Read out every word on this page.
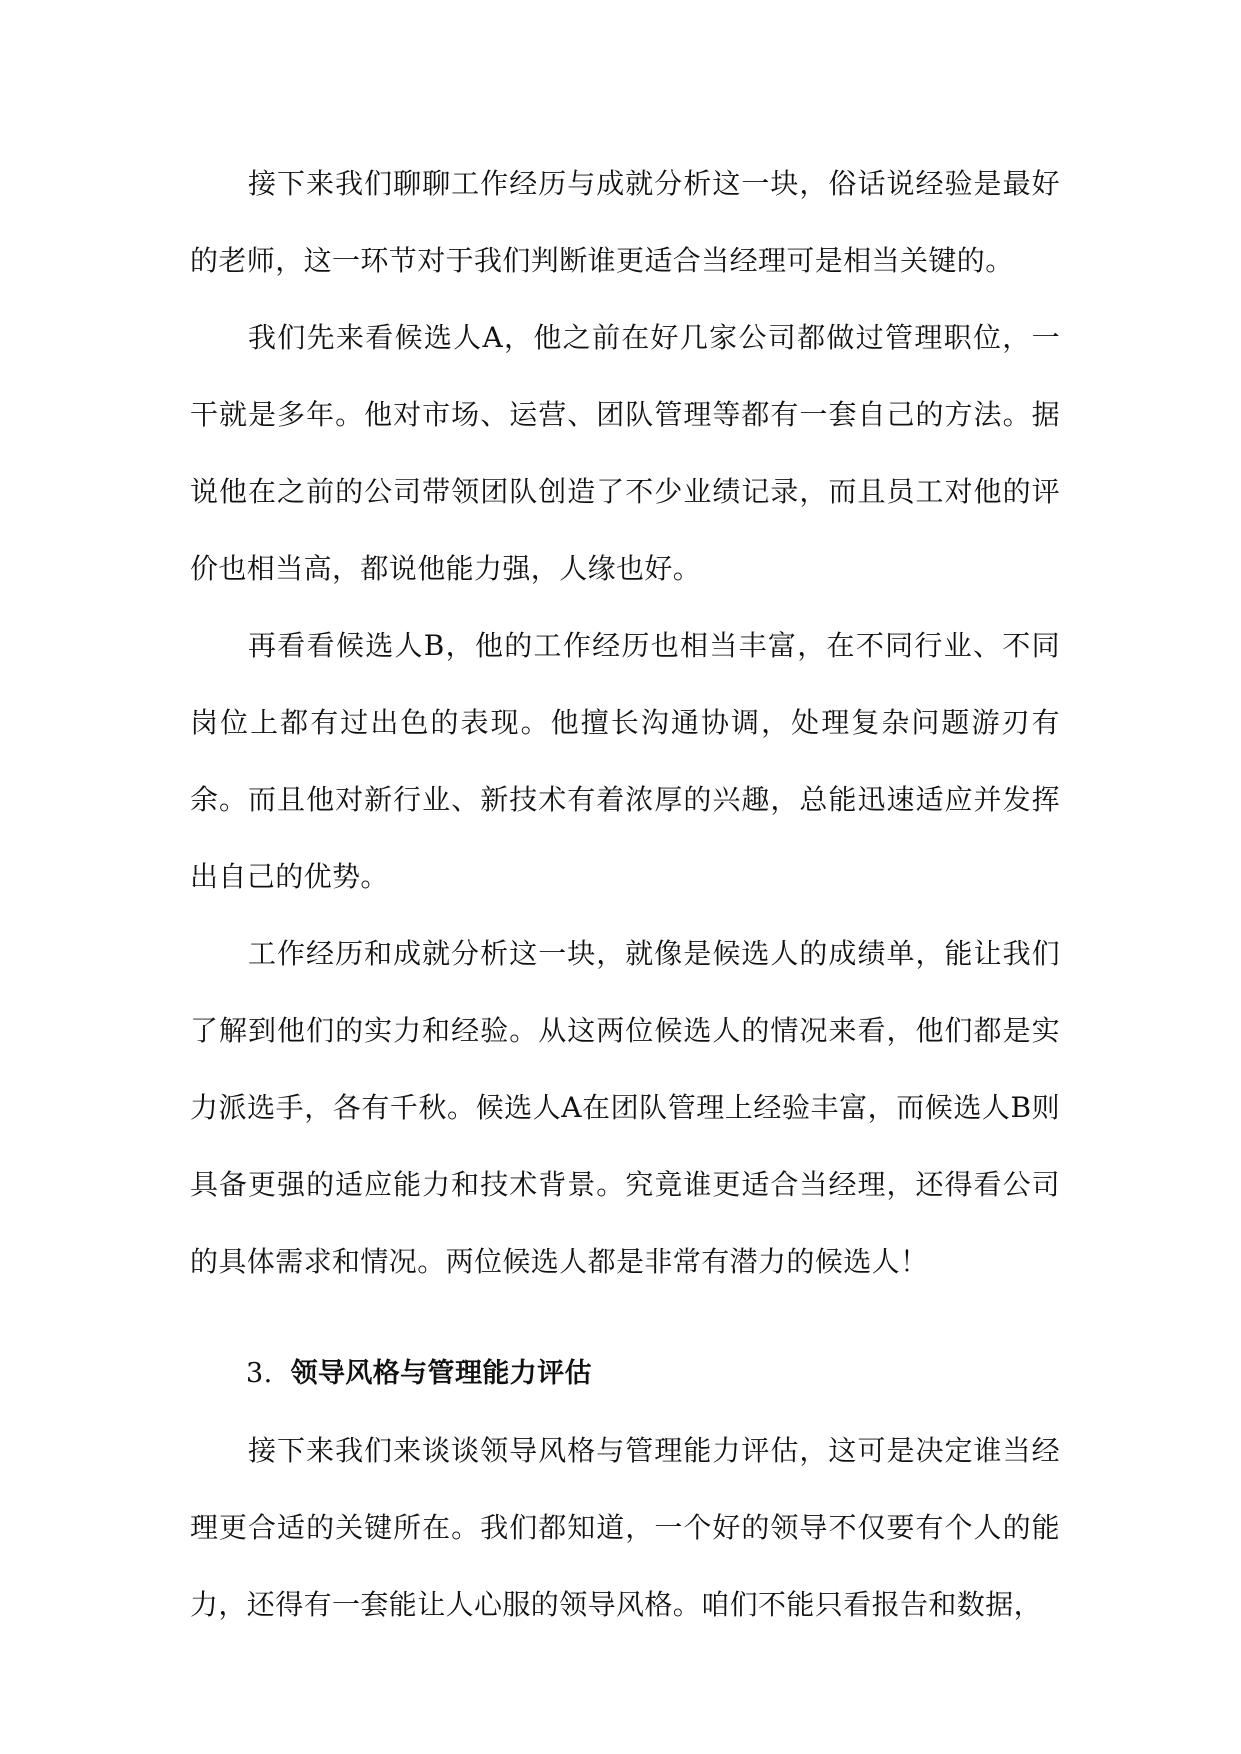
接下来我们聊聊工作经历与成就分析这一块，俗话说经验是最好的老师，这一环节对于我们判断谁更适合当经理可是相当关键的。

我们先来看候选人A，他之前在好几家公司都做过管理职位，一干就是多年。他对市场、运营、团队管理等都有一套自己的方法。据说他在之前的公司带领团队创造了不少业绩记录，而且员工对他的评价也相当高，都说他能力强，人缘也好。

再看看候选人B，他的工作经历也相当丰富，在不同行业、不同岗位上都有过出色的表现。他擅长沟通协调，处理复杂问题游刃有余。而且他对新行业、新技术有着浓厚的兴趣，总能迅速适应并发挥出自己的优势。

工作经历和成就分析这一块，就像是候选人的成绩单，能让我们了解到他们的实力和经验。从这两位候选人的情况来看，他们都是实力派选手，各有千秋。候选人A在团队管理上经验丰富，而候选人B则具备更强的适应能力和技术背景。究竟谁更适合当经理，还得看公司的具体需求和情况。两位候选人都是非常有潜力的候选人！

3. 领导风格与管理能力评估

接下来我们来谈谈领导风格与管理能力评估，这可是决定谁当经理更合适的关键所在。我们都知道，一个好的领导不仅要有个人的能力，还得有一套能让人心服的领导风格。咱们不能只看报告和数据，
